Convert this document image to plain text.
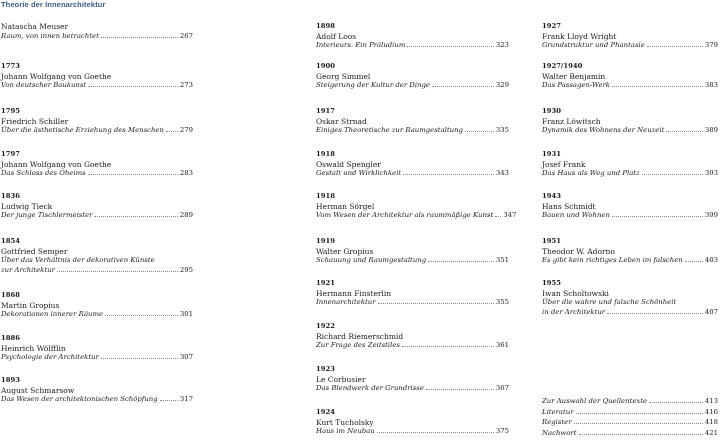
Theorie der Innenarchitektur
Natascha Meuser
Raum, von innen betrachtet	267
1773
Johann Wolfgang von Goethe
Von deutscher Baukunst	273
1795
Friedrich Schiller
Über die ästhetische Erziehung des Menschen 279
1797
Johann Wolfgang von Goethe
Das Schloss des Oheims	283
1836
Ludwig Tieck
Der junge Tischlermeister	289
1854
Gottfried Semper
Über das Verhältnis der dekorativen Künste
zur Architektur	295
1868
Martin Gropius
Dekorationen innerer Räume	301
1886
Heinrich Wölfflin
Psychologie der Architektur	307
1893
August Schmarsow
Das Wesen der architektonischen Schöpfung	317
1898
Adolf Loos
Interieurs. Ein Präludium	323
1900
Georg Simmel
Steigerung der Kultur der Dinge	329
1917
Oskar Strnad
Einiges Theoretische zur Raumgestaltung	335
1918
Oswald Spengler
Gestalt und Wirklichkeit	343
1918
Herman Sörgel
Vom Wesen der Architektur als raummäßige Kunst 347
1919
Walter Gropius
Schauung und Raumgestaltung	351
1921
Hermann Finsterlin
Innenarchitektur	355
1922
Richard Riemerschmid
Zur Frage des Zeitstiles	361
1923
Le Corbusier
Das Blendwerk der Grundrisse	367
1924
Kurt Tucholsky
Haus im Neubau	375
1927
Frank Lloyd Wright
Grundstruktur und Phantasie	379
1927/1940
Walter Benjamin
Das Passagen-Werk	383
1930
Franz Löwitsch
Dynamik des Wohnens der Neuzeit	389
1931
Josef Frank
Das Haus als Weg und Platz	393
1943
Hans Schmidt
Bauen und Wohnen	399
1951
Theodor W. Adorno
Es gibt kein richtiges Leben im falschen	403
1955
Iwan Scholtowski
Über die wahre und falsche Schönheit
in der Architektur	407
Zur Auswahl der Quellentexte	413
Literatur	416
Register	418
Nachwort	421
